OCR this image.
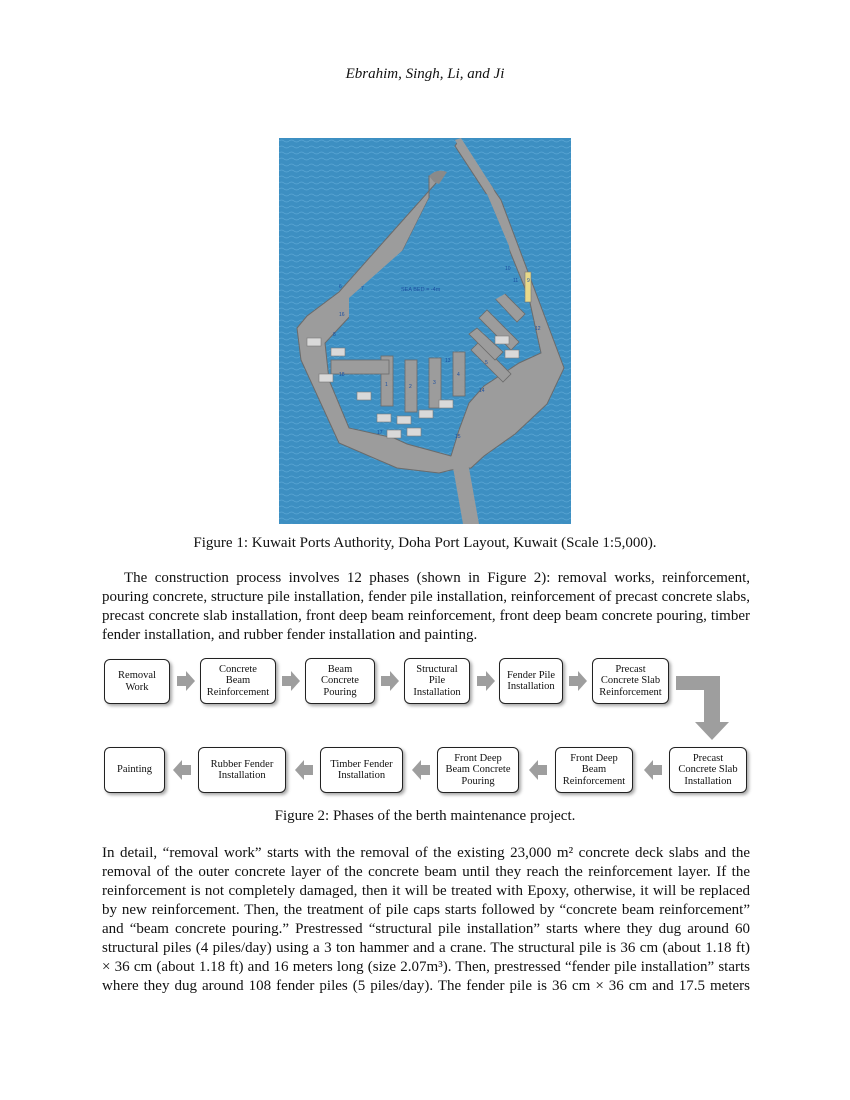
Ebrahim, Singh, Li, and Ji
SEA BED = -4m
1	2
3
4
5
6	7
8
9
10
11
12
13
14
15
16
17
18
Figure 1: Kuwait Ports Authority, Doha Port Layout, Kuwait (Scale 1:5,000).
The construction process involves 12 phases (shown in Figure 2): removal works, reinforcement,
pouring concrete, structure pile installation, fender pile installation, reinforcement of precast concrete slabs,
precast concrete slab installation, front deep beam reinforcement, front deep beam concrete pouring, timber
fender installation, and rubber fender installation and painting.
Removal
Work
Concrete
Beam
Reinforcement
Beam
Concrete
Pouring
Structural
Pile
Installation
Fender Pile
Installation
Precast
Concrete Slab
Reinforcement
Precast
Concrete Slab
Installation
Front Deep
Beam
Reinforcement
Front Deep
Beam Concrete
Pouring
Timber Fender
Installation
Rubber Fender
Installation
Painting
Figure 2: Phases of the berth maintenance project.
In detail, “removal work” starts with the removal of the existing 23,000 m² concrete deck slabs and the
removal of the outer concrete layer of the concrete beam until they reach the reinforcement layer. If the
reinforcement is not completely damaged, then it will be treated with Epoxy, otherwise, it will be replaced
by new reinforcement. Then, the treatment of pile caps starts followed by “concrete beam reinforcement”
and “beam concrete pouring.” Prestressed “structural pile installation” starts where they dug around 60
structural piles (4 piles/day) using a 3 ton hammer and a crane. The structural pile is 36 cm (about 1.18 ft)
× 36 cm (about 1.18 ft) and 16 meters long (size 2.07m³). Then, prestressed “fender pile installation” starts
where they dug around 108 fender piles (5 piles/day). The fender pile is 36 cm × 36 cm and 17.5 meters
